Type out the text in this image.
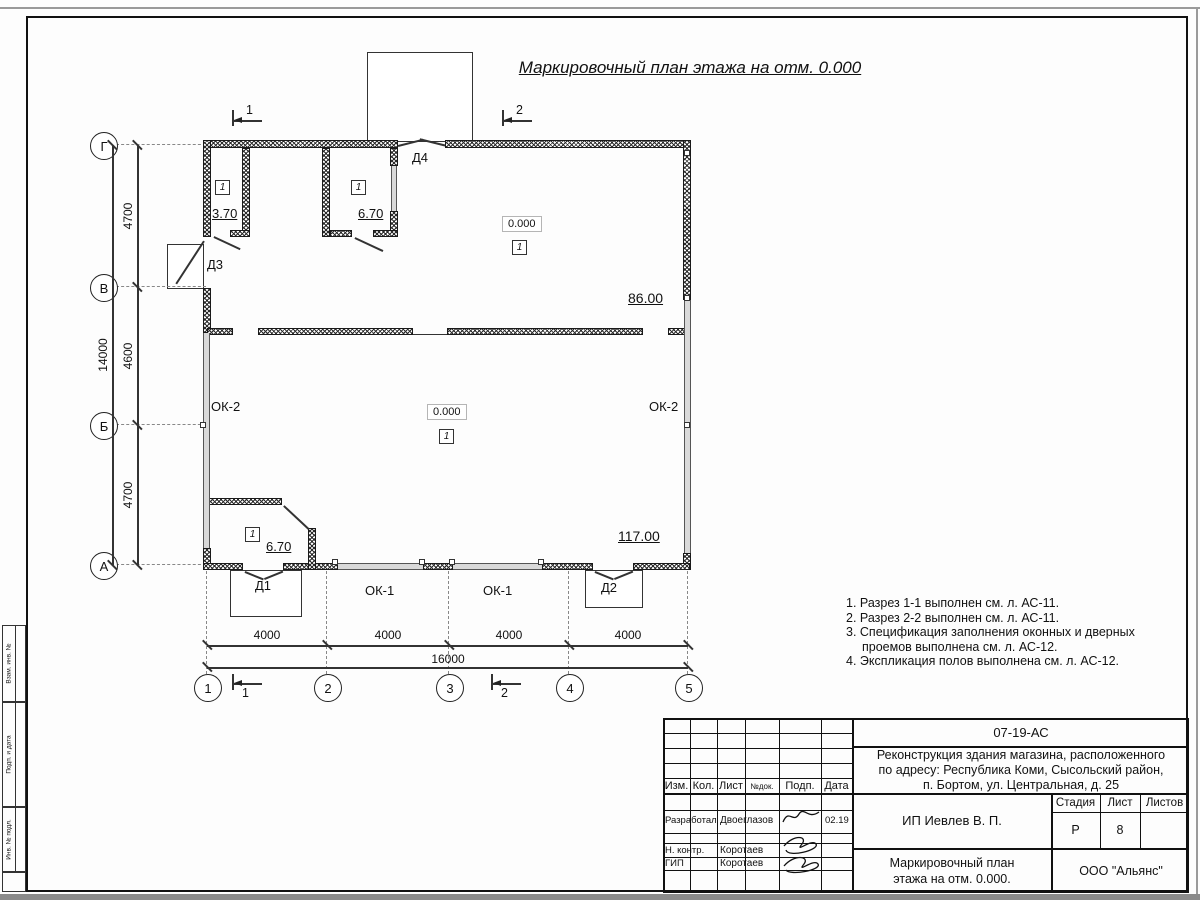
Взам. инв. №
Подп. и дата
Инв. № подл.
Маркировочный план этажа на отм. 0.000
1
3.70
1
6.70
0.000
1
86.00
0.000
1
117.00
1
6.70
ОК-2	ОК-2
ОК-1	ОК-1
Д1	Д2
Д3
Д4
1	2
1	2
Г
В
Б
А
1	2	3	4	5
4700
4600
4700
14000
4000	4000	4000	4000
16000
1. Разрез 1-1 выполнен см. л. АС-11.
2. Разрез 2-2 выполнен см. л. АС-11.
3. Спецификация заполнения оконных и дверных
проемов выполнена см. л. АС-12.
4. Экспликация полов выполнена см. л. АС-12.
Изм. Кол. Лист №док.	Подп. Дата
Разработал Двоеглазов	02.19
Н. контр. Коротаев
ГИП	Коротаев
07-19-АС
Реконструкция здания магазина, расположенного
по адресу: Республика Коми, Сысольский район,
п. Бортом, ул. Центральная, д. 25
ИП Иевлев В. П.
Стадия	Лист	Листов
Р	8
Маркировочный план
этажа на отм. 0.000.
ООО "Альянс"
